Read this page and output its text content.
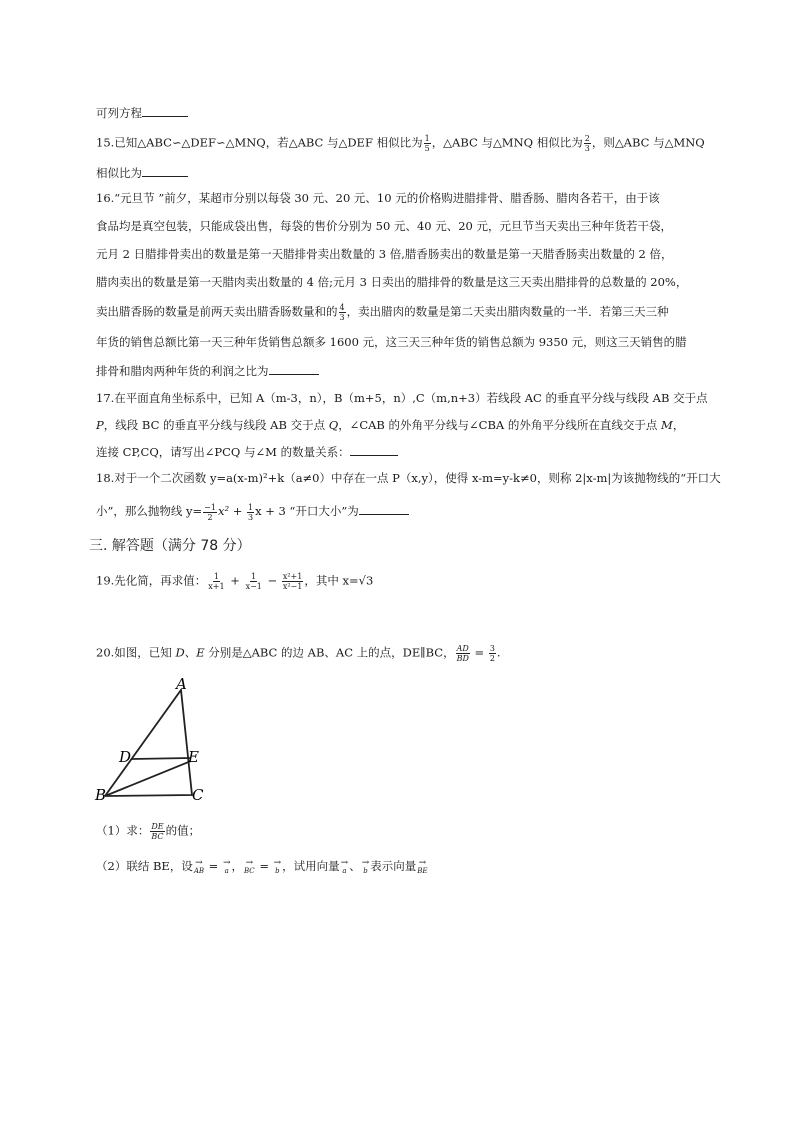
可列方程
15.已知△ABC∽△DEF∽△MNQ，若△ABC 与△DEF 相似比为 $\frac{1}{5}$ ，△ABC 与△MNQ 相似比为 $\frac{2}{3}$ ，则△ABC 与△MNQ
相似比为
16.“元旦节 ”前夕，某超市分别以每袋 30 元、20 元、10 元的价格购进腊排骨、腊香肠、腊肉各若干，由于该
食品均是真空包装，只能成袋出售，每袋的售价分别为 50 元、40 元、20 元，元旦节当天卖出三种年货若干袋，
元月 2 日腊排骨卖出的数量是第一天腊排骨卖出数量的 3 倍,腊香肠卖出的数量是第一天腊香肠卖出数量的 2 倍，
腊肉卖出的数量是第一天腊肉卖出数量的 4 倍;元月 3 日卖出的腊排骨的数量是这三天卖出腊排骨的总数量的 20%，
卖出腊香肠的数量是前两天卖出腊香肠数量和的 $\frac{4}{3}$ ，卖出腊肉的数量是第二天卖出腊肉数量的一半．若第三天三种
年货的销售总额比第一天三种年货销售总额多 1600 元，这三天三种年货的销售总额为 9350 元，则这三天销售的腊
排骨和腊肉两种年货的利润之比为
17.在平面直角坐标系中，已知 A（m-3，n），B（m+5，n）,C（m,n+3）若线段 AC 的垂直平分线与线段 AB 交于点
P，线段 BC 的垂直平分线与线段 AB 交于点 Q，∠CAB 的外角平分线与∠CBA 的外角平分线所在直线交于点 M，
连接 CP,CQ，请写出∠PCQ 与∠M 的数量关系：
18.对于一个二次函数 y=a(x-m)²+k（a≠0）中存在一点 P（x,y），使得 x-m=y-k≠0，则称 2|x-m|为该抛物线的“开口大
小”，那么抛物线 $y= \frac{-1}{2} x^2 + \frac{1}{3}$ x + 3 “开口大小”为
三. 解答题（满分 78 分）
19.先化简，再求值： $\frac{1}{x+1} + \frac{1}{x-1} - \frac{\text{x²+1}}{\text{x²−1}}$ ，其中 x=√3
20.如图，已知 D、E 分别是△ABC 的边 AB、AC 上的点，DE∥BC， $\frac{AD}{BD} = \frac{3}{2}$ .
A
D	E
B	C
（1）求： $\frac{DE}{BC}$ 的值；
（2）联结 BE，设 →
AB = →
a ， →
BC = →
b ，试用向量 →
a 、 →
b 表示向量 →
BE
